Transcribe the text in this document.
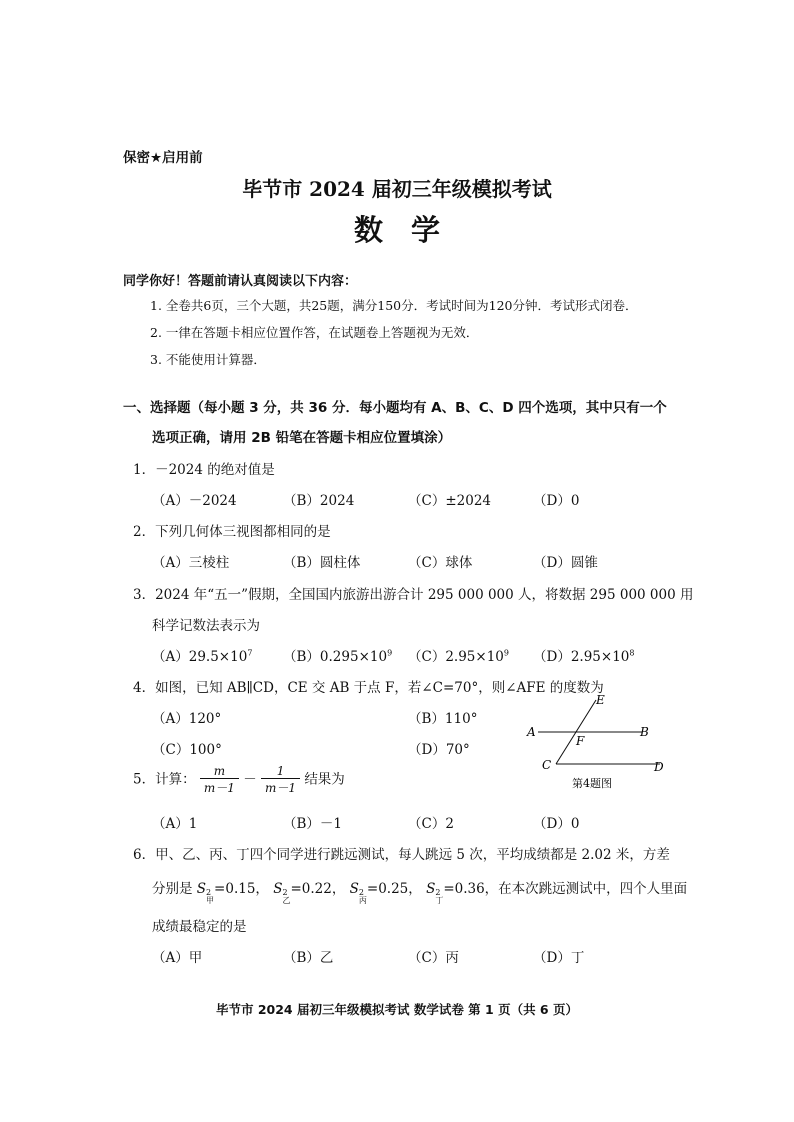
保密★启用前
毕节市 2024 届初三年级模拟考试
数学
同学你好！答题前请认真阅读以下内容：
1. 全卷共6页，三个大题，共25题，满分150分．考试时间为120分钟．考试形式闭卷．
2. 一律在答题卡相应位置作答，在试题卷上答题视为无效．
3. 不能使用计算器．
一、选择题（每小题 3 分，共 36 分．每小题均有 A、B、C、D 四个选项，其中只有一个
选项正确，请用 2B 铅笔在答题卡相应位置填涂）
1．－2024 的绝对值是
（A）－2024	（B）2024	（C）±2024	（D）0
2．下列几何体三视图都相同的是
（A）三棱柱	（B）圆柱体	（C）球体	（D）圆锥
3．2024 年“五一”假期，全国国内旅游出游合计 295 000 000 人，将数据 295 000 000 用
科学记数法表示为
$(A)29.5\times 10^7$ $(B)0.295\times 10^9$ $(C)2.95\times 10^9$ $(D)2.95\times 10^8$
4．如图，已知 AB∥CD，CE 交 AB 于点 F，若∠C=70°，则∠AFE 的度数为
（A）120°	（B）110°
（C）100°	（D）70°
E
A
F
B
C	D
第4题图
5．计算： $\frac{m}{m-1} - \frac{1}{m-1}$ 结果为
（A）1	（B）－1	（C）2	（D）0
6．甲、乙、丙、丁四个同学进行跳远测试，每人跳远 5 次，平均成绩都是 2.02 米，方差
分别是 S 2
甲
=0.15， S 2
乙
=0.22， S 2
丙
=0.25， S 2
丁
=0.36，在本次跳远测试中，四个人里面
成绩最稳定的是
（A）甲	（B）乙	（C）丙	（D）丁
毕节市 2024 届初三年级模拟考试 数学试卷 第 1 页（共 6 页）
